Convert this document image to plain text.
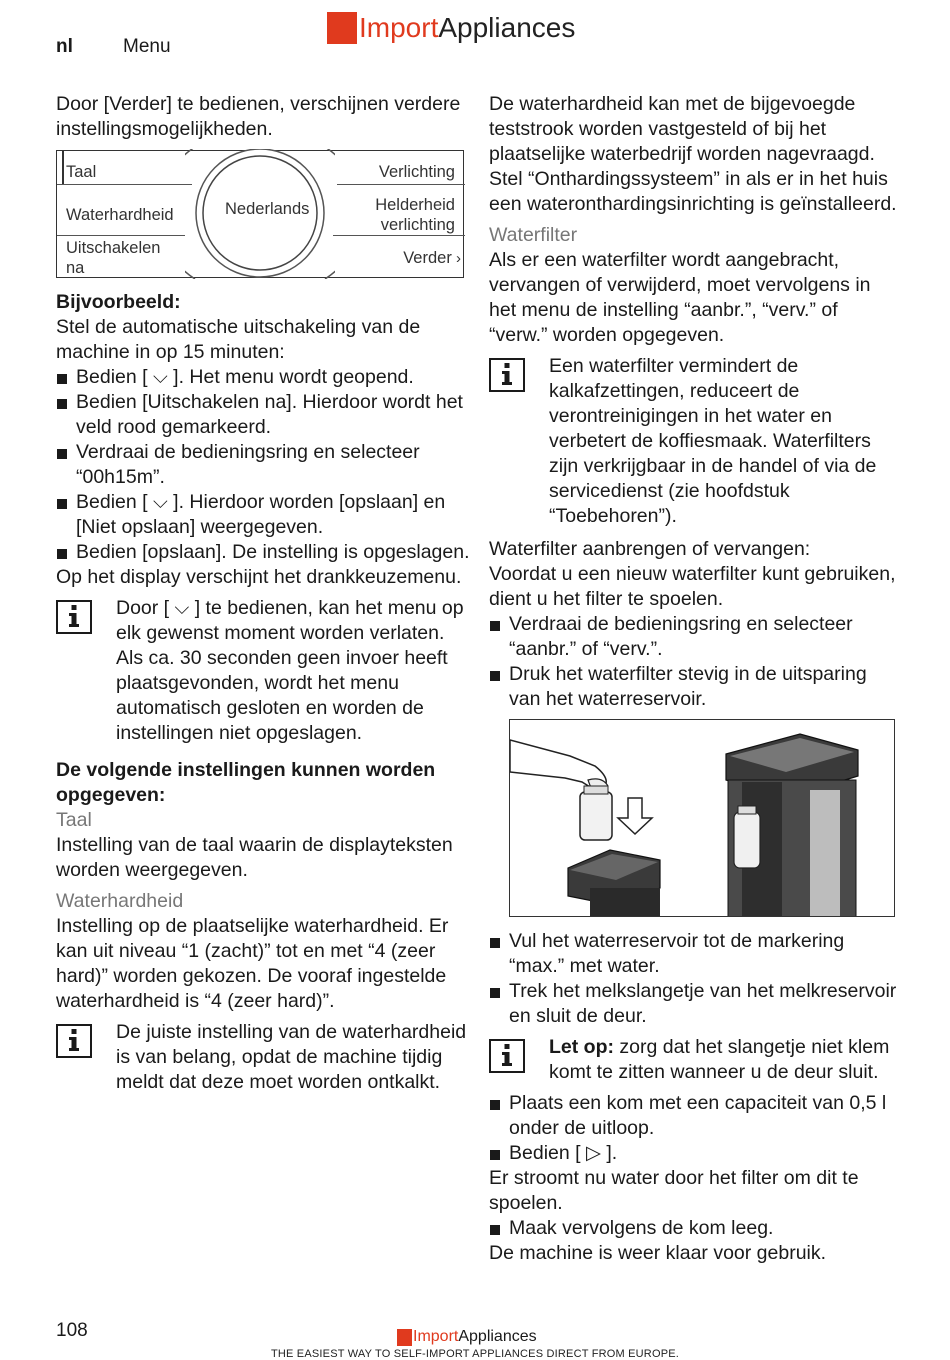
nl	Menu
Import Appliances

Door [Verder] te bedienen, verschijnen verdere instellingsmogelijkheden.

Taal
Waterhardheid
Uitschakelen
na
Nederlands
Verlichting
Helderheid
verlichting
Verder ›

Bijvoorbeeld:

Stel de automatische uitschakeling van de machine in op 15 minuten:

Bedien [ ⌵ ]. Het menu wordt geopend.

Bedien [Uitschakelen na]. Hierdoor wordt het veld rood gemarkeerd.

Verdraai de bedieningsring en selecteer “00h15m”.

Bedien [ ⌵ ]. Hierdoor worden [opslaan] en [Niet opslaan] weergegeven.

Bedien [opslaan]. De instelling is opgeslagen.

Op het display verschijnt het drankkeuzemenu.

Door [ ⌵ ] te bedienen, kan het menu op elk gewenst moment worden verlaten. Als ca. 30 seconden geen invoer heeft plaatsgevonden, wordt het menu automatisch gesloten en worden de instellingen niet opgeslagen.

De volgende instellingen kunnen worden opgegeven:

Taal

Instelling van de taal waarin de displayteksten worden weergegeven.

Waterhardheid

Instelling op de plaatselijke waterhardheid. Er kan uit niveau “1 (zacht)” tot en met “4 (zeer hard)” worden gekozen. De vooraf ingestelde waterhardheid is “4 (zeer hard)”.

De juiste instelling van de waterhardheid is van belang, opdat de machine tijdig meldt dat deze moet worden ontkalkt.

De waterhardheid kan met de bijgevoegde teststrook worden vastgesteld of bij het plaatselijke waterbedrijf worden nagevraagd. Stel “Onthardingssysteem” in als er in het huis een wateronthardingsinrichting is geïnstalleerd.

Waterfilter

Als er een waterfilter wordt aangebracht, vervangen of verwijderd, moet vervolgens in het menu de instelling “aanbr.”, “verv.” of “verw.” worden opgegeven.

Een waterfilter vermindert de kalkafzettingen, reduceert de verontreinigingen in het water en verbetert de koffiesmaak. Waterfilters zijn verkrijgbaar in de handel of via de servicedienst (zie hoofdstuk “Toebehoren”).

Waterfilter aanbrengen of vervangen:

Voordat u een nieuw waterfilter kunt gebruiken, dient u het filter te spoelen.

Verdraai de bedieningsring en selecteer “aanbr.” of “verv.”.

Druk het waterfilter stevig in de uitsparing van het waterreservoir.

Vul het waterreservoir tot de markering “max.” met water.

Trek het melkslangetje van het melkreservoir en sluit de deur.

Let op: zorg dat het slangetje niet klem komt te zitten wanneer u de deur sluit.

Plaats een kom met een capaciteit van 0,5 l onder de uitloop.

Bedien [ ▷ ].

Er stroomt nu water door het filter om dit te spoelen.

Maak vervolgens de kom leeg.

De machine is weer klaar voor gebruik.

108	Import Appliances
THE EASIEST WAY TO SELF-IMPORT APPLIANCES DIRECT FROM EUROPE.
